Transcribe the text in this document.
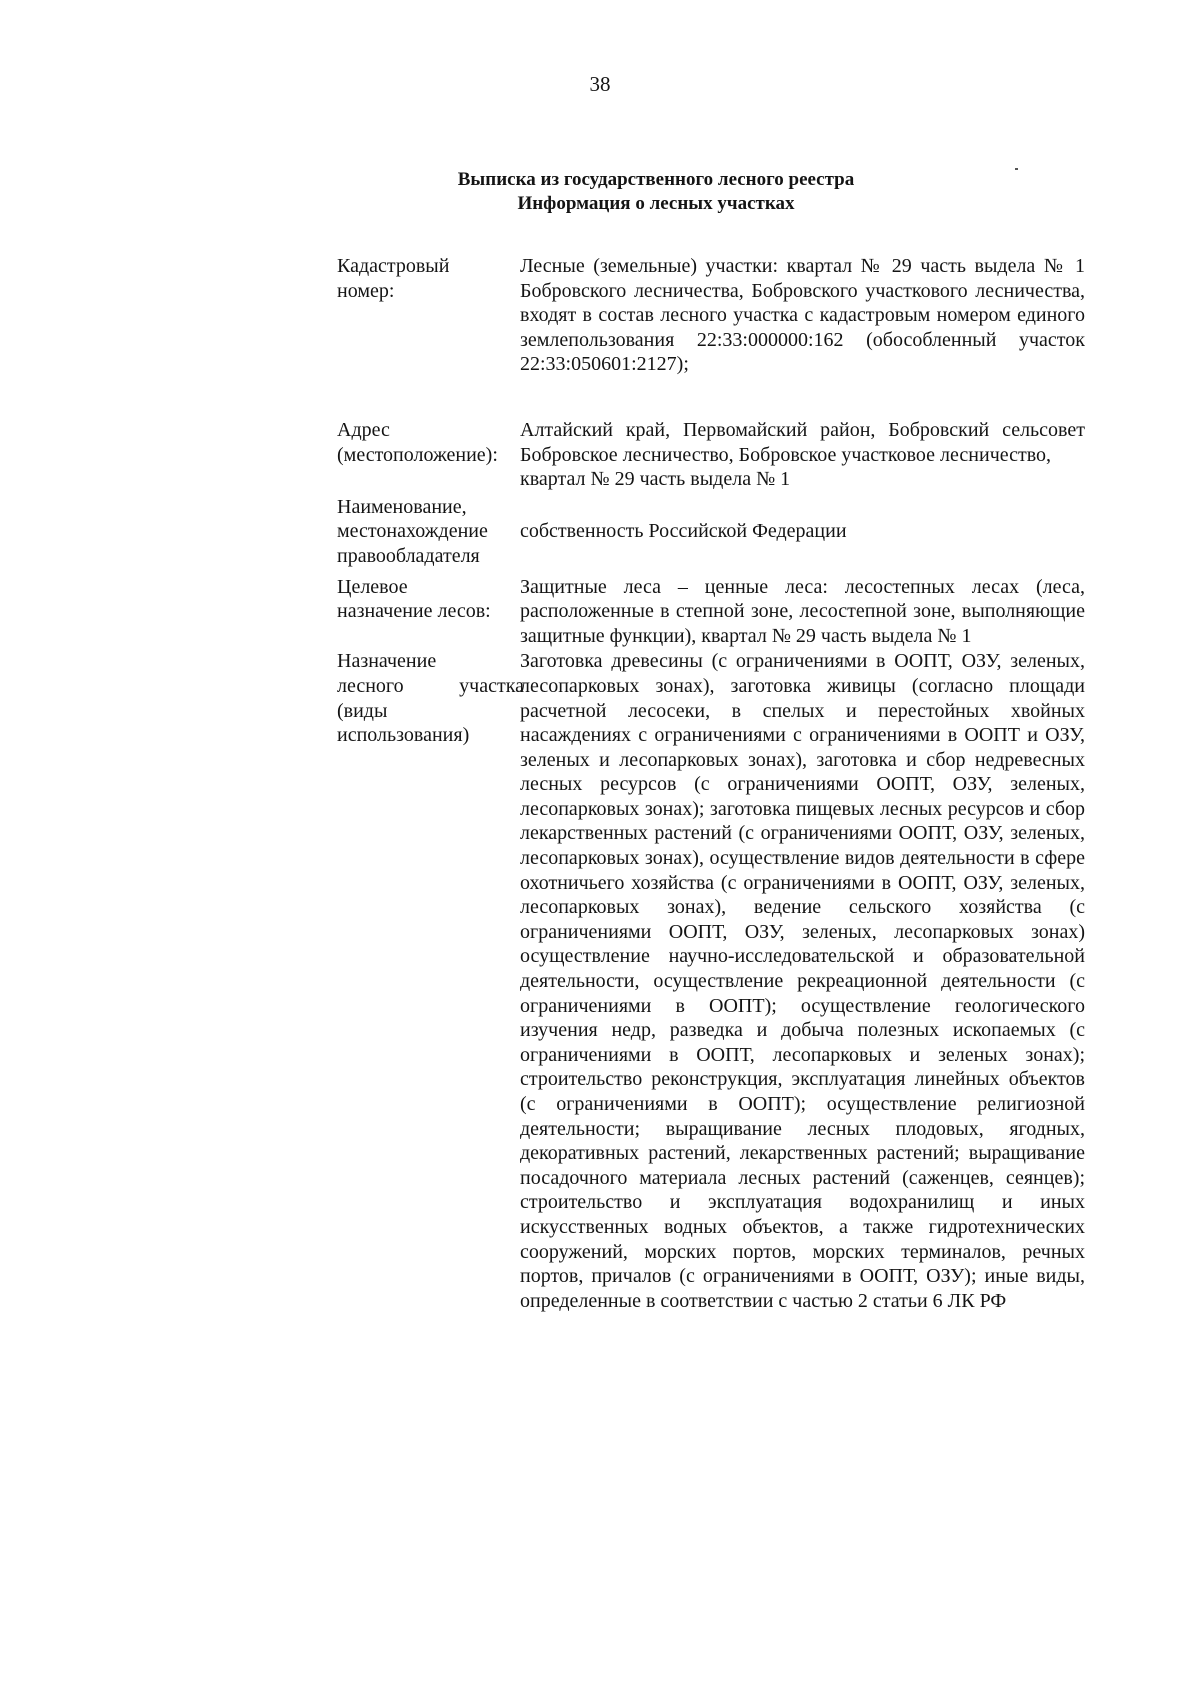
38
Выписка из государственного лесного реестра
Информация о лесных участках
Кадастровый
номер:
Лесные (земельные) участки: квартал № 29 часть выдела № 1 Бобровского лесничества, Бобровского участкового лесничества, входят в состав лесного участка с кадастровым номером единого землепользования 22:33:000000:162 (обособленный участок 22:33:050601:2127);
Адрес
(местоположение):
Алтайский край, Первомайский район, Бобровский сельсовет Бобровское лесничество, Бобровское участковое лесничество,
квартал № 29 часть выдела № 1
Наименование,
местонахождение
правообладателя
собственность Российской Федерации
Целевое
назначение лесов:
Защитные леса – ценные леса: лесостепных лесах (леса, расположенные в степной зоне, лесостепной зоне, выполняющие защитные функции), квартал № 29 часть выдела № 1
Назначение
лесного участка
(виды
использования)
Заготовка древесины (с ограничениями в ООПТ, ОЗУ, зеленых, лесопарковых зонах), заготовка живицы (согласно площади расчетной лесосеки, в спелых и перестойных хвойных насаждениях с ограничениями с ограничениями в ООПТ и ОЗУ, зеленых и лесопарковых зонах), заготовка и сбор недревесных лесных ресурсов (с ограничениями ООПТ, ОЗУ, зеленых, лесопарковых зонах); заготовка пищевых лесных ресурсов и сбор лекарственных растений (с ограничениями ООПТ, ОЗУ, зеленых, лесопарковых зонах), осуществление видов деятельности в сфере охотничьего хозяйства (с ограничениями в ООПТ, ОЗУ, зеленых, лесопарковых зонах), ведение сельского хозяйства (с ограничениями ООПТ, ОЗУ, зеленых, лесопарковых зонах) осуществление научно-исследовательской и образовательной деятельности, осуществление рекреационной деятельности (с ограничениями в ООПТ); осуществление геологического изучения недр, разведка и добыча полезных ископаемых (с ограничениями в ООПТ, лесопарковых и зеленых зонах); строительство реконструкция, эксплуатация линейных объектов (с ограничениями в ООПТ); осуществление религиозной деятельности; выращивание лесных плодовых, ягодных, декоративных растений, лекарственных растений; выращивание посадочного материала лесных растений (саженцев, сеянцев); строительство и эксплуатация водохранилищ и иных искусственных водных объектов, а также гидротехнических сооружений, морских портов, морских терминалов, речных портов, причалов (с ограничениями в ООПТ, ОЗУ); иные виды, определенные в соответствии с частью 2 статьи 6 ЛК РФ
